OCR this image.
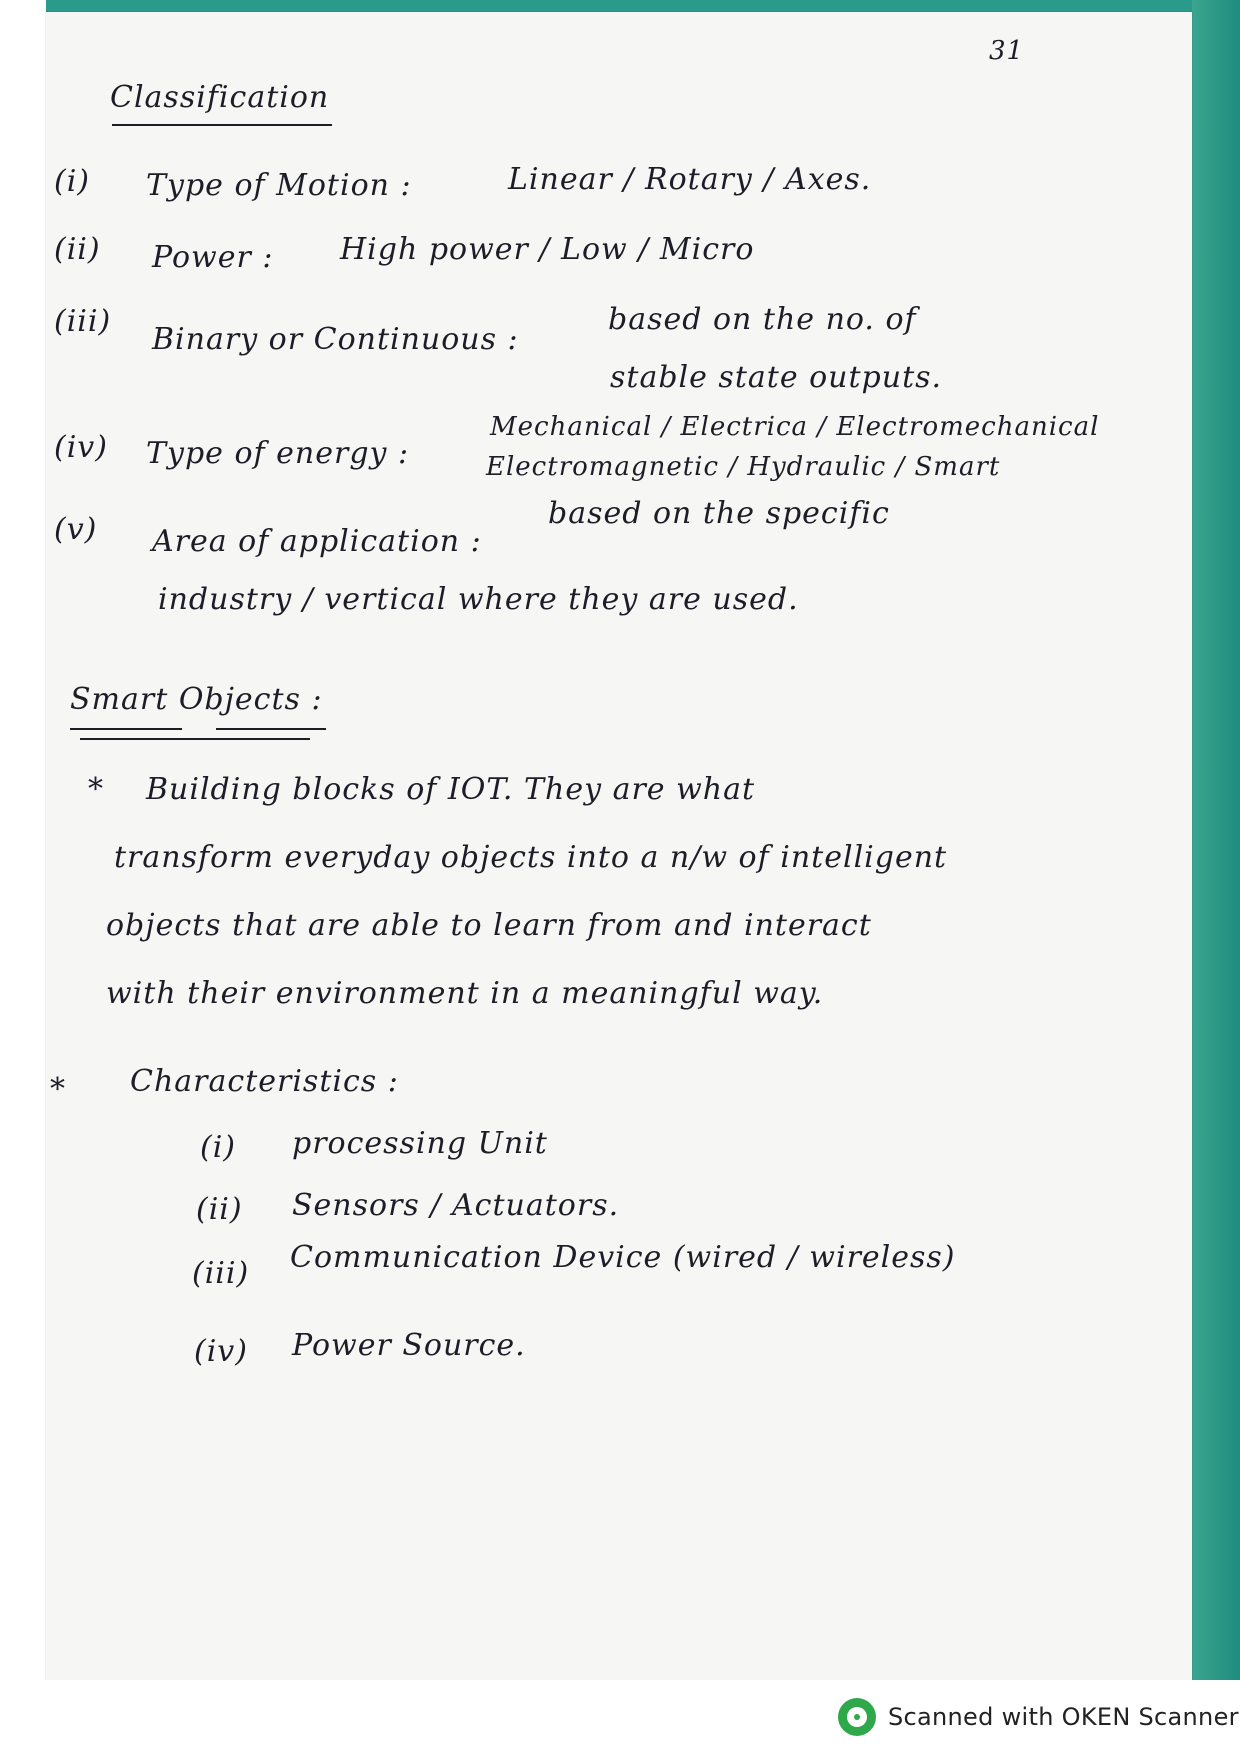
31
Classification
(i) Type of Motion :	Linear / Rotary / Axes.
(ii) Power : High power / Low / Micro
(iii)
Binary or Continuous :
based on the no. of
stable state outputs.
(iv) Type of energy :
Mechanical / Electrica / Electromechanical
Electromagnetic / Hydraulic / Smart
(v) Area of application :
based on the specific
industry / vertical where they are used.
Smart Objects :
* Building blocks of IOT. They are what
transform everyday objects into a n/w of intelligent
objects that are able to learn from and interact
with their environment in a meaningful way.
* Characteristics :
(i) processing Unit
(ii) Sensors / Actuators.
(iii) Communication Device (wired / wireless)
(iv) Power Source.
Scanned with OKEN Scanner
